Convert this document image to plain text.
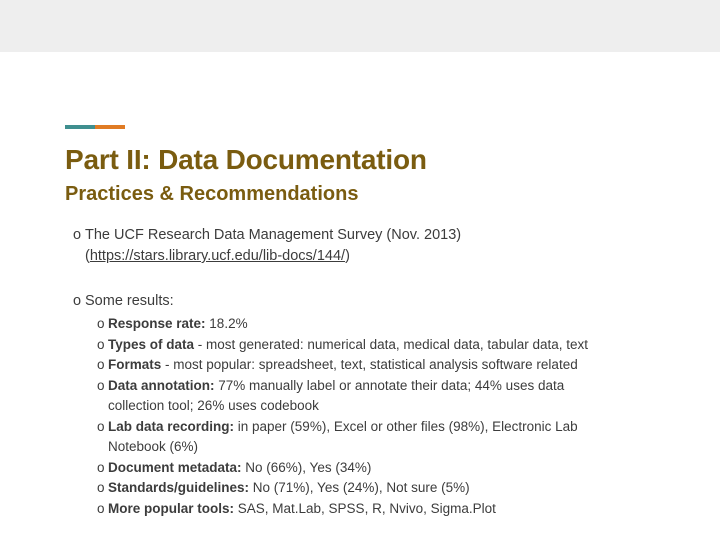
Part II: Data Documentation
Practices & Recommendations
o The UCF Research Data Management Survey (Nov. 2013)
(https://stars.library.ucf.edu/lib-docs/144/)
o Some results:
o Response rate: 18.2%
o Types of data - most generated: numerical data, medical data, tabular data, text
o Formats - most popular: spreadsheet, text, statistical analysis software related
o Data annotation: 77% manually label or annotate their data; 44% uses data
collection tool; 26% uses codebook
o Lab data recording: in paper (59%), Excel or other files (98%), Electronic Lab
Notebook (6%)
o Document metadata: No (66%), Yes (34%)
o Standards/guidelines: No (71%), Yes (24%), Not sure (5%)
o More popular tools: SAS, Mat.Lab, SPSS, R, Nvivo, Sigma.Plot
